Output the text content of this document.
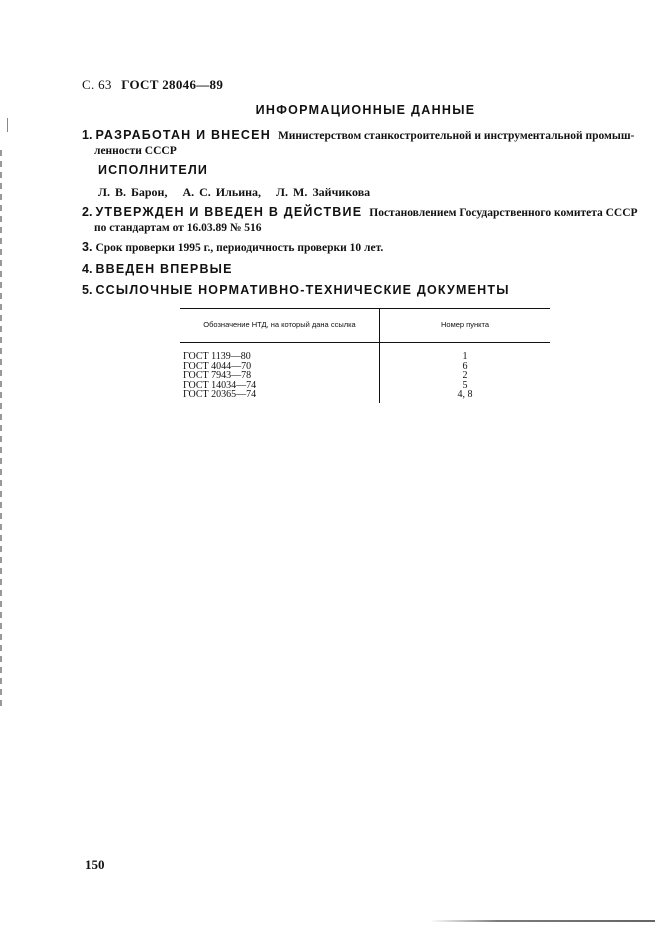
С. 63 ГОСТ 28046—89
ИНФОРМАЦИОННЫЕ ДАННЫЕ
1. РАЗРАБОТАН И ВНЕСЕН Министерством станкостроительной и инструментальной промыш-
ленности СССР
ИСПОЛНИТЕЛИ
Л. В. Барон, А. С. Ильина, Л. М. Зайчикова
2. УТВЕРЖДЕН И ВВЕДЕН В ДЕЙСТВИЕ Постановлением Государственного комитета СССР
по стандартам от 16.03.89 № 516
3. Срок проверки 1995 г., периодичность проверки 10 лет.
4. ВВЕДЕН ВПЕРВЫЕ
5. ССЫЛОЧНЫЕ НОРМАТИВНО-ТЕХНИЧЕСКИЕ ДОКУМЕНТЫ
Обозначение НТД, на который дана ссылка	Номер пункта
ГОСТ 1139—80	1
ГОСТ 4044—70	6
ГОСТ 7943—78	2
ГОСТ 14034—74	5
ГОСТ 20365—74	4, 8
150
